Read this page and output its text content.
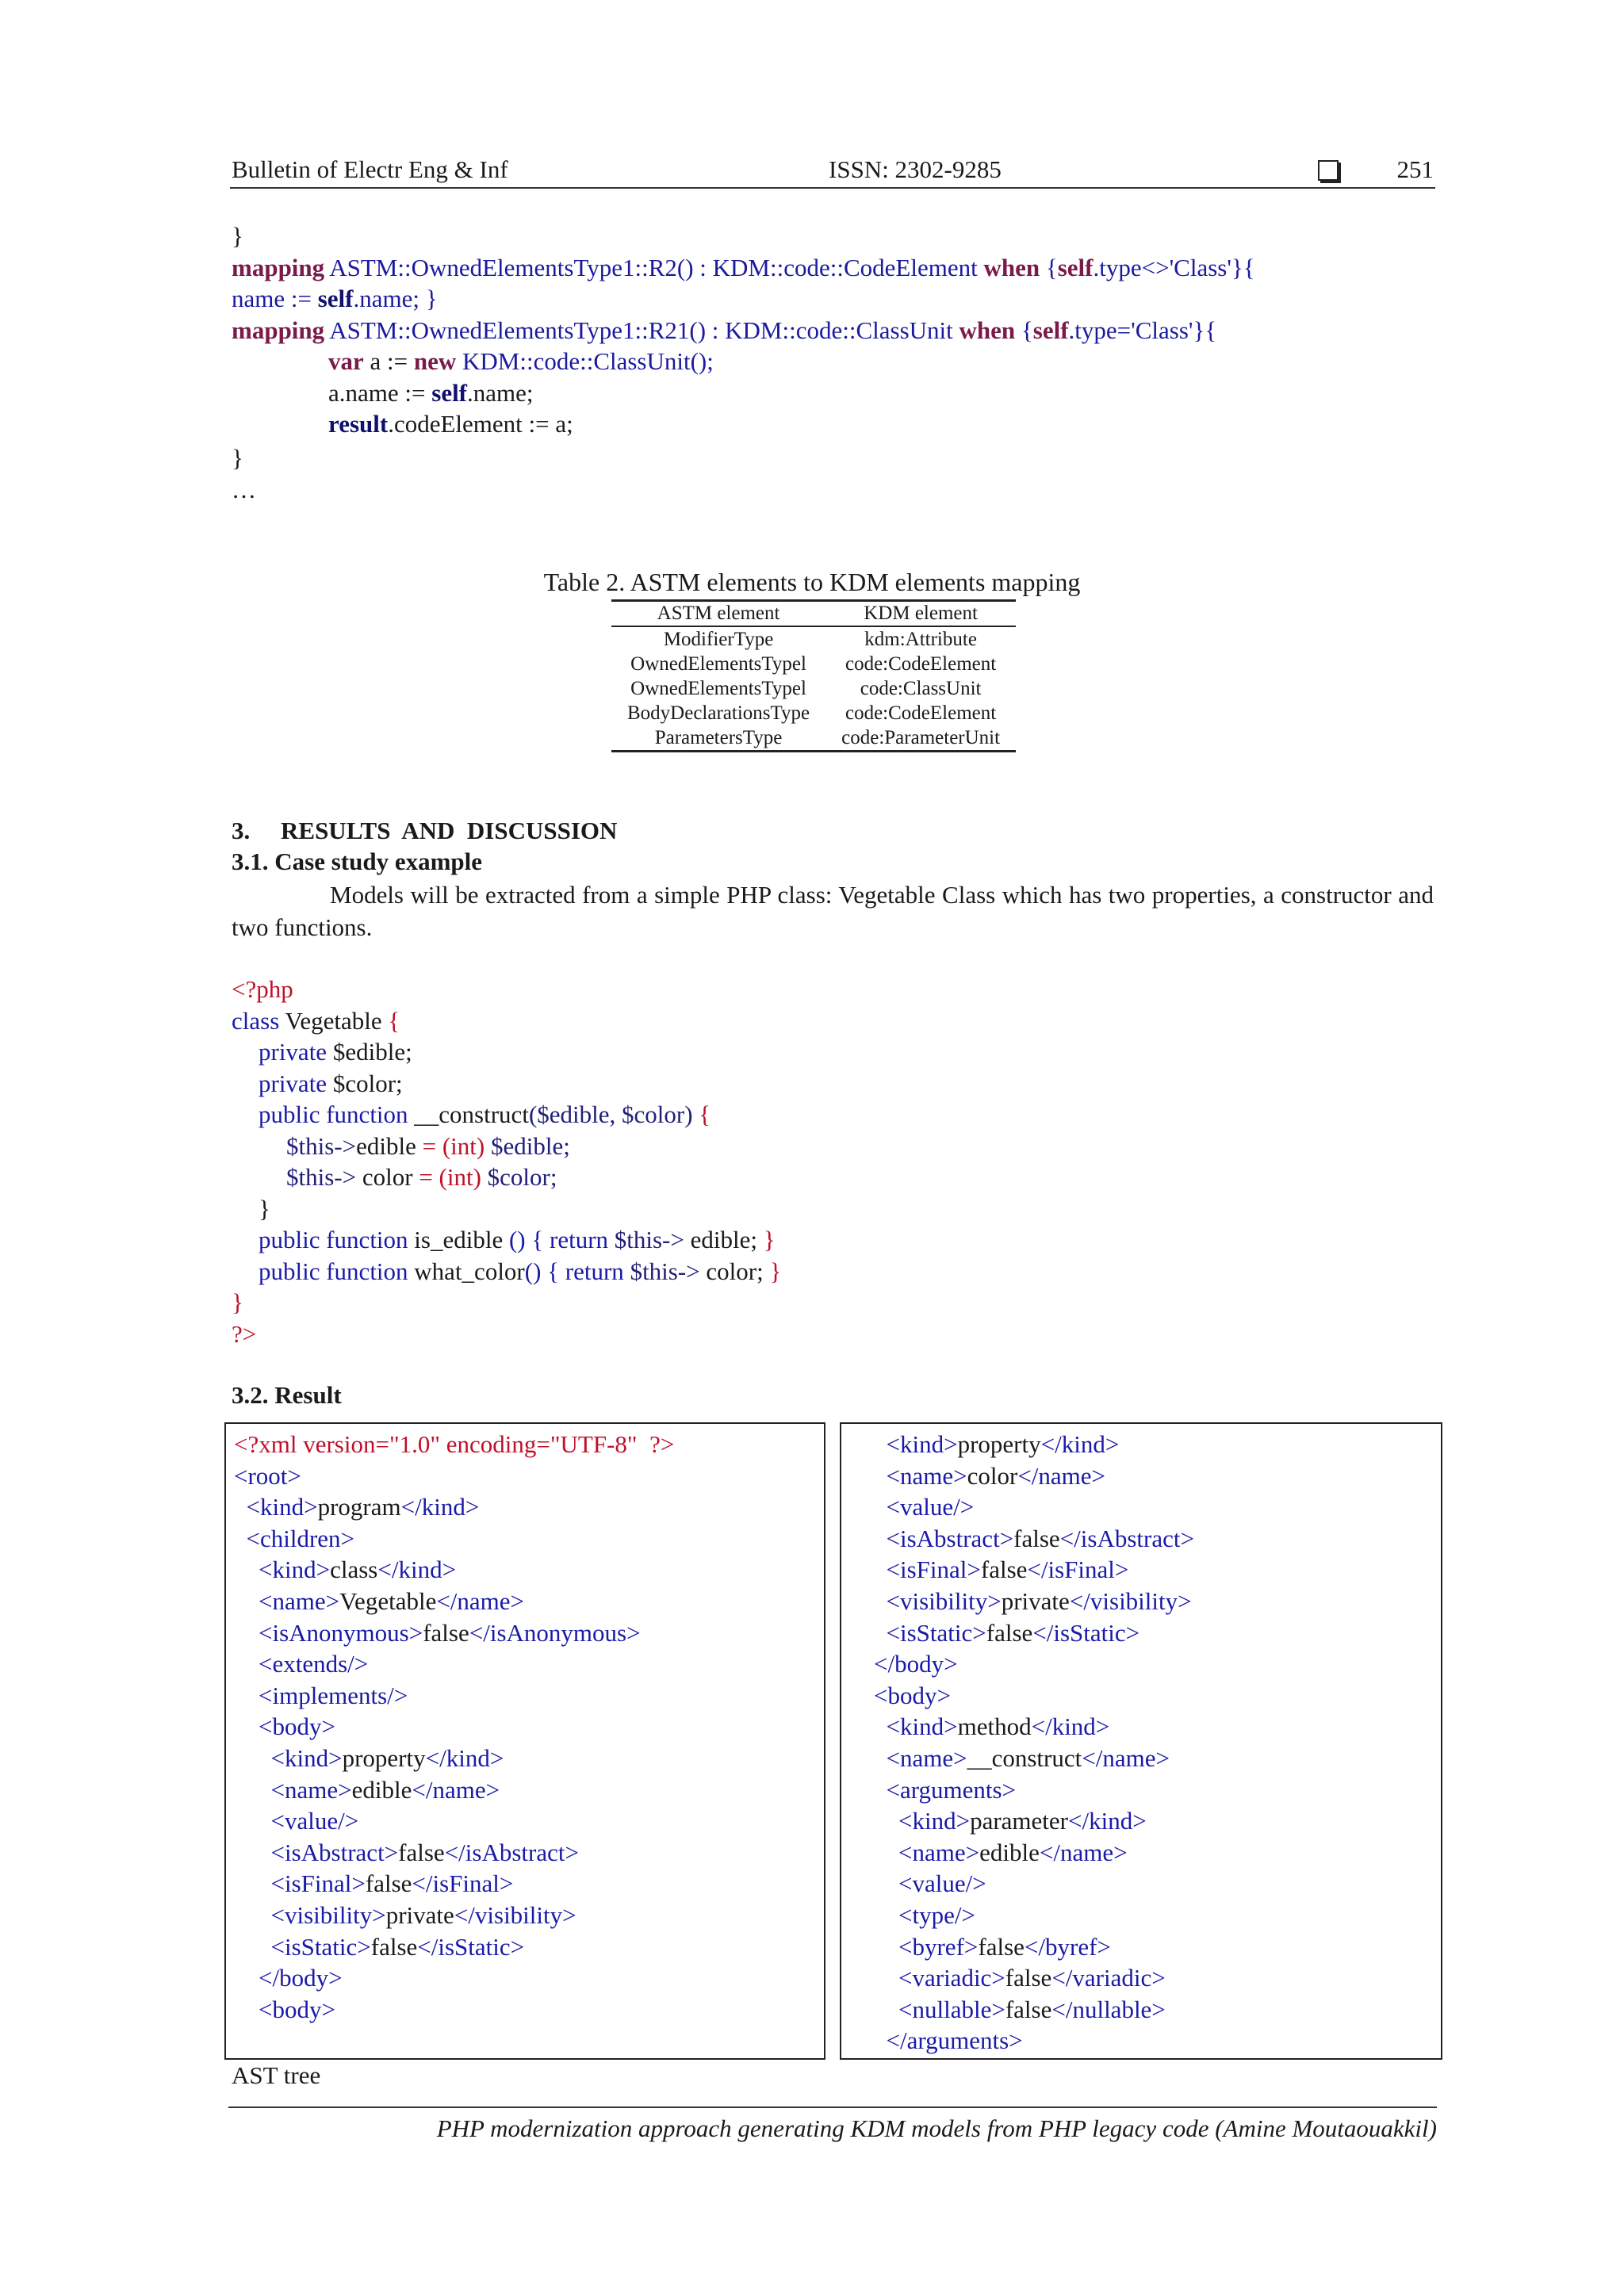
Bulletin of Electr Eng & Inf	ISSN: 2302-9285	251
}
mapping ASTM::OwnedElementsType1::R2() : KDM::code::CodeElement when {self.type<>'Class'}{
name := self.name; }
mapping ASTM::OwnedElementsType1::R21() : KDM::code::ClassUnit when {self.type='Class'}{
var a := new KDM::code::ClassUnit();
a.name := self.name;
result.codeElement := a;
}
…
Table 2. ASTM elements to KDM elements mapping
ASTM element	KDM element
ModifierType	kdm:Attribute
OwnedElementsTypel	code:CodeElement
OwnedElementsTypel	code:ClassUnit
BodyDeclarationsType	code:CodeElement
ParametersType	code:ParameterUnit
3.     RESULTS  AND  DISCUSSION
3.1. Case study example
Models will be extracted from a simple PHP class: Vegetable Class which has two properties, a constructor and two functions.
<?php
class Vegetable {
private $edible;
private $color;
public function __construct($edible, $color) {
$this->edible = (int) $edible;
$this-> color = (int) $color;
}
public function is_edible () { return $this-> edible; }
public function what_color() { return $this-> color; }
}
?>
3.2. Result
<?xml version="1.0" encoding="UTF-8"  ?>
<root>
<kind>program</kind>
<children>
<kind>class</kind>
<name>Vegetable</name>
<isAnonymous>false</isAnonymous>
<extends/>
<implements/>
<body>
<kind>property</kind>
<name>edible</name>
<value/>
<isAbstract>false</isAbstract>
<isFinal>false</isFinal>
<visibility>private</visibility>
<isStatic>false</isStatic>
</body>
<body>
<kind>property</kind>
<name>color</name>
<value/>
<isAbstract>false</isAbstract>
<isFinal>false</isFinal>
<visibility>private</visibility>
<isStatic>false</isStatic>
</body>
<body>
<kind>method</kind>
<name>__construct</name>
<arguments>
<kind>parameter</kind>
<name>edible</name>
<value/>
<type/>
<byref>false</byref>
<variadic>false</variadic>
<nullable>false</nullable>
</arguments>
AST tree
PHP modernization approach generating KDM models from PHP legacy code (Amine Moutaouakkil)
